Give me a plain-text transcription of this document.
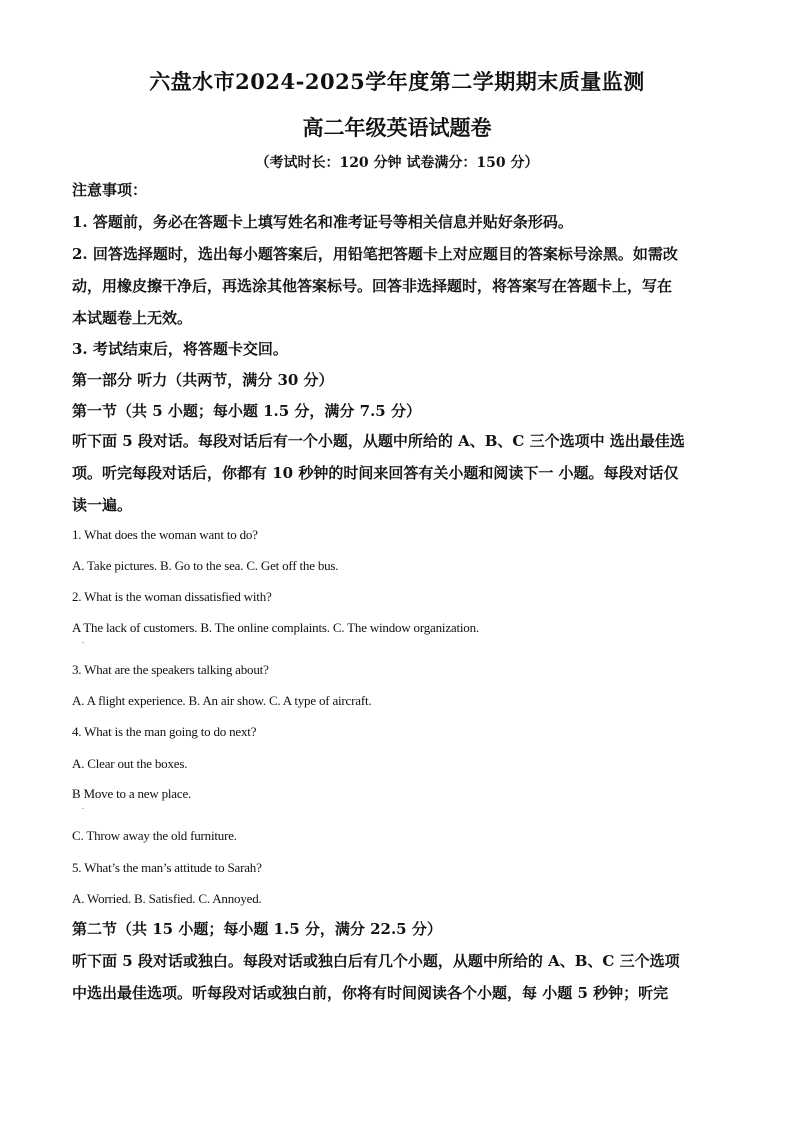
六盘水市2024-2025学年度第二学期期末质量监测
高二年级英语试题卷
（考试时长：120 分钟 试卷满分：150 分）
注意事项：
1. 答题前，务必在答题卡上填写姓名和准考证号等相关信息并贴好条形码。
2. 回答选择题时，选出每小题答案后，用铅笔把答题卡上对应题目的答案标号涂黑。如需改
动，用橡皮擦干净后，再选涂其他答案标号。回答非选择题时，将答案写在答题卡上，写在
本试题卷上无效。
3. 考试结束后，将答题卡交回。
第一部分 听力（共两节，满分 30 分）
第一节（共 5 小题；每小题 1.5 分，满分 7.5 分）
听下面 5 段对话。每段对话后有一个小题，从题中所给的 A、B、C 三个选项中 选出最佳选
项。听完每段对话后，你都有 10 秒钟的时间来回答有关小题和阅读下一 小题。每段对话仅
读一遍。
1. What does the woman want to do?
A. Take pictures. B. Go to the sea. C. Get off the bus.
2. What is the woman dissatisfied with?
A The lack of customers. B. The online complaints. C. The window organization.
.
3. What are the speakers talking about?
A. A flight experience. B. An air show. C. A type of aircraft.
4. What is the man going to do next?
A. Clear out the boxes.
B Move to a new place.
.
C. Throw away the old furniture.
5. What’s the man’s attitude to Sarah?
A. Worried. B. Satisfied. C. Annoyed.
第二节（共 15 小题；每小题 1.5 分，满分 22.5 分）
听下面 5 段对话或独白。每段对话或独白后有几个小题，从题中所给的 A、B、C 三个选项
中选出最佳选项。听每段对话或独白前，你将有时间阅读各个小题，每 小题 5 秒钟；听完
